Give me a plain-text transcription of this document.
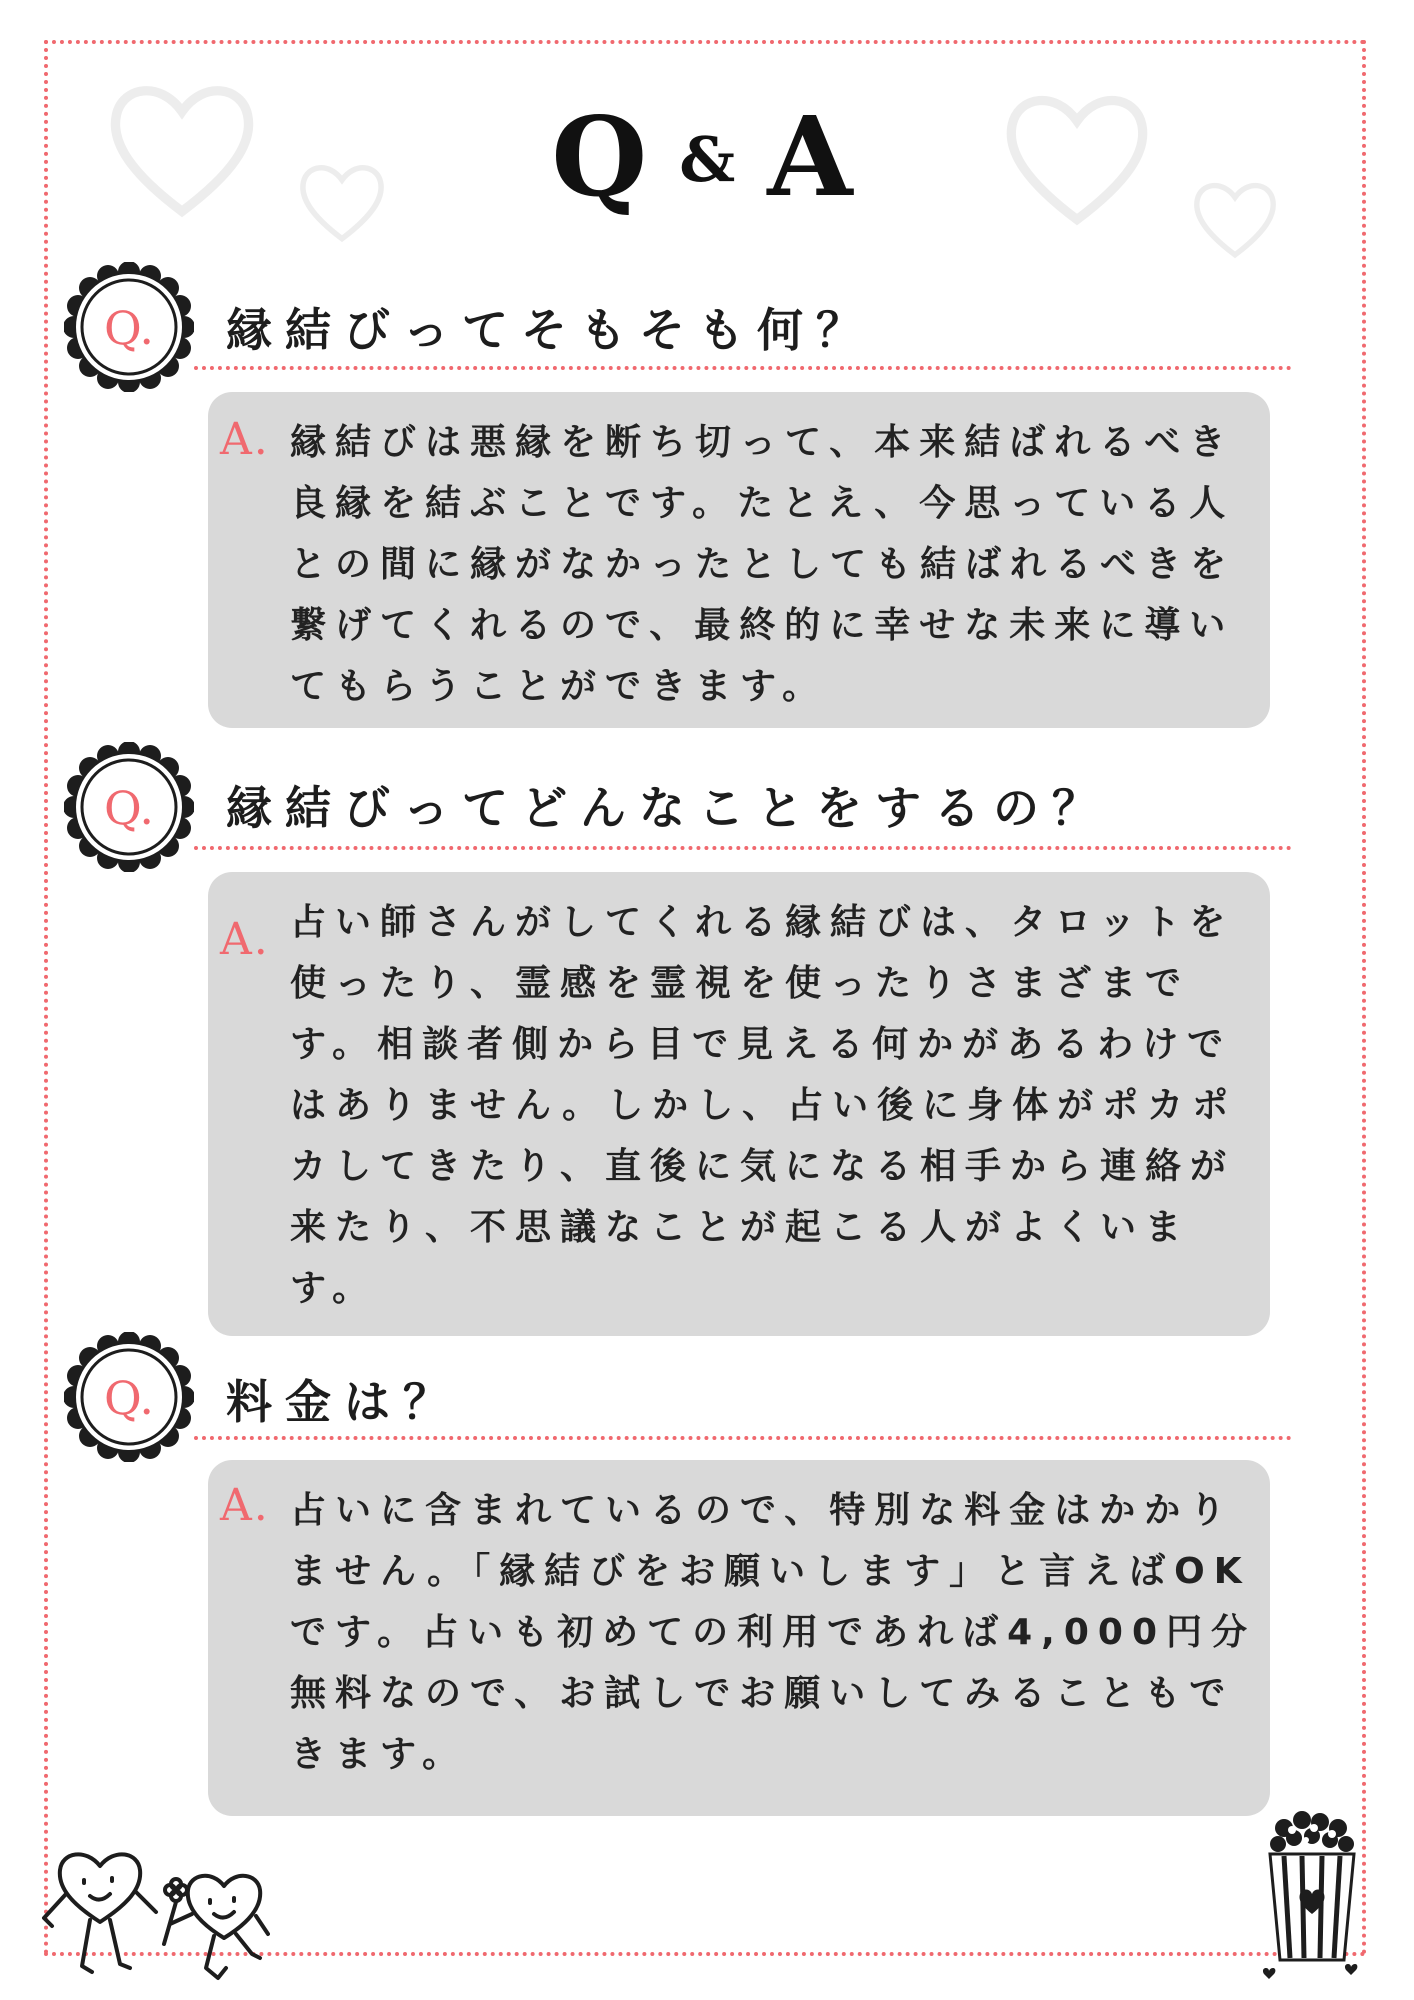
Q & A
Q. 縁結びってそもそも何？
A. 縁結びは悪縁を断ち切って、本来結ばれるべき
良縁を結ぶことです。たとえ、今思っている人
との間に縁がなかったとしても結ばれるべきを
繋げてくれるので、最終的に幸せな未来に導い
てもらうことができます。
Q. 縁結びってどんなことをするの？
A. 占い師さんがしてくれる縁結びは、タロットを
使ったり、霊感を霊視を使ったりさまざまで
す。相談者側から目で見える何かがあるわけで
はありません。しかし、占い後に身体がポカポ
カしてきたり、直後に気になる相手から連絡が
来たり、不思議なことが起こる人がよくいま
す。
Q. 料金は？
A. 占いに含まれているので、特別な料金はかかり
ません。「縁結びをお願いします」と言えばOK
です。占いも初めての利用であれば4,000円分
無料なので、お試しでお願いしてみることもで
きます。
